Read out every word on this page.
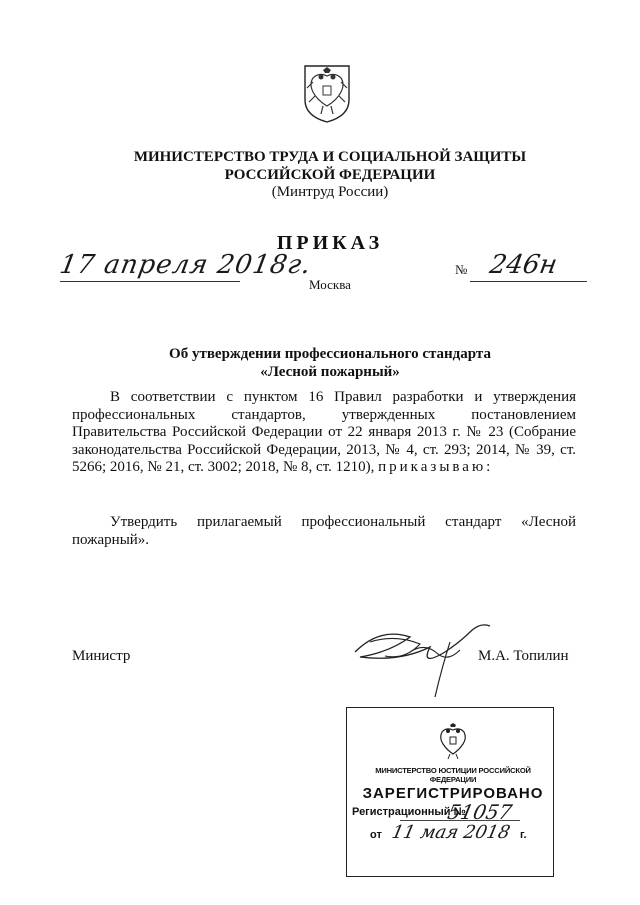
МИНИСТЕРСТВО ТРУДА И СОЦИАЛЬНОЙ ЗАЩИТЫ
РОССИЙСКОЙ ФЕДЕРАЦИИ
(Минтруд России)
ПРИКАЗ
17 апреля 2018г.	№ 246н
Москва
Об утверждении профессионального стандарта
«Лесной пожарный»
В соответствии с пунктом 16 Правил разработки и утверждения профессиональных стандартов, утвержденных постановлением Правительства Российской Федерации от 22 января 2013 г. № 23 (Собрание законодательства Российской Федерации, 2013, № 4, ст. 293; 2014, № 39, ст. 5266; 2016, № 21, ст. 3002; 2018, № 8, ст. 1210), приказываю:
Утвердить прилагаемый профессиональный стандарт «Лесной пожарный».
Министр	М.А. Топилин
МИНИСТЕРСТВО ЮСТИЦИИ РОССИЙСКОЙ ФЕДЕРАЦИИ
ЗАРЕГИСТРИРОВАНО
Регистрационный №
51057
от 11 мая 2018 г.
